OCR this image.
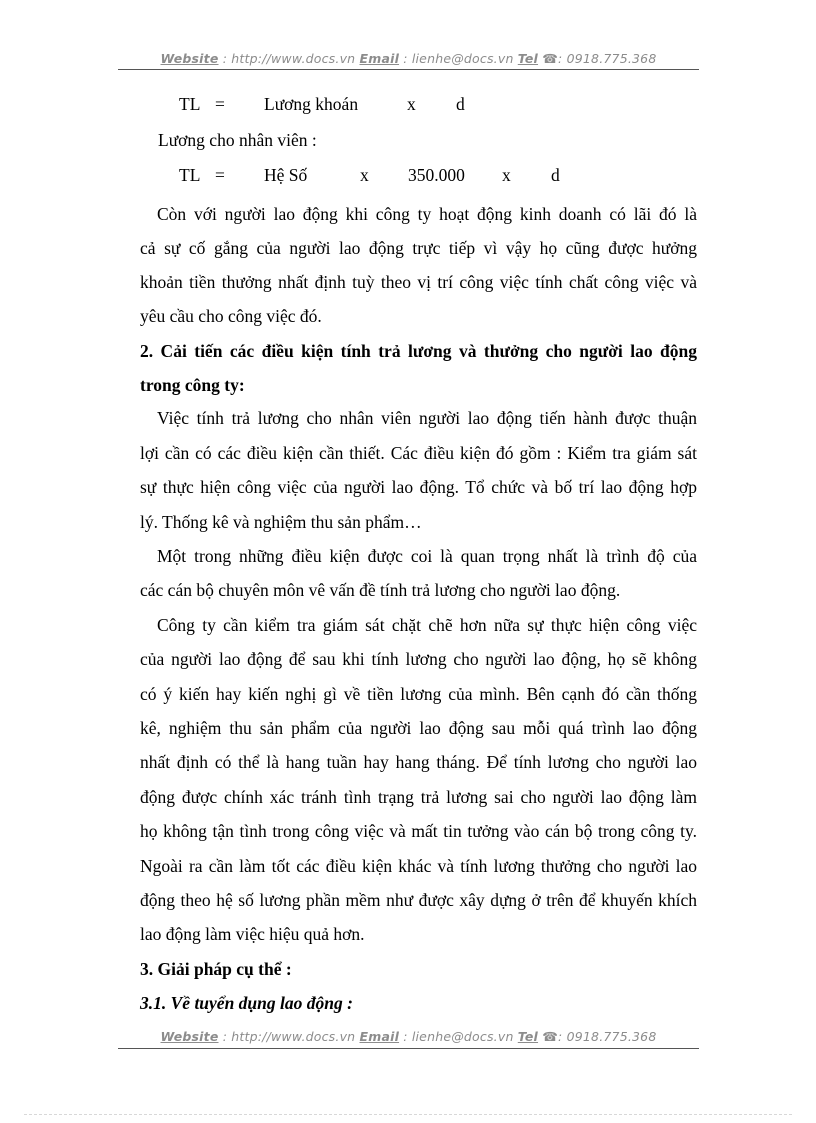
Website : http://www.docs.vn Email : lienhe@docs.vn Tel ☎: 0918.775.368
TL = Lương khoán	x d
Lương cho nhân viên :
TL = Hệ Số	x 350.000 x d
Còn với người lao động khi công ty hoạt động kinh doanh có lãi đó là
cả sự cố gắng của người lao động trực tiếp vì vậy họ cũng được hưởng
khoản tiền thưởng nhất định tuỳ theo vị trí công việc tính chất công việc và
yêu cầu cho công việc đó.
2. Cải tiến các điều kiện tính trả lương và thưởng cho người lao động
trong công ty:
Việc tính trả lương cho nhân viên người lao động tiến hành được thuận
lợi cần có các điều kiện cần thiết. Các điều kiện đó gồm : Kiểm tra giám sát
sự thực hiện công việc của người lao động. Tổ chức và bố trí lao động hợp
lý. Thống kê và nghiệm thu sản phẩm…
Một trong những điều kiện được coi là quan trọng nhất là trình độ của
các cán bộ chuyên môn vê vấn đề tính trả lương cho người lao động.
Công ty cần kiểm tra giám sát chặt chẽ hơn nữa sự thực hiện công việc
của người lao động để sau khi tính lương cho người lao động, họ sẽ không
có ý kiến hay kiến nghị gì về tiền lương của mình. Bên cạnh đó cần thống
kê, nghiệm thu sản phẩm của người lao động sau mỗi quá trình lao động
nhất định có thể là hang tuần hay hang tháng. Để tính lương cho người lao
động được chính xác tránh tình trạng trả lương sai cho người lao động làm
họ không tận tình trong công việc và mất tin tưởng vào cán bộ trong công ty.
Ngoài ra cần làm tốt các điều kiện khác và tính lương thưởng cho người lao
động theo hệ số lương phần mềm như được xây dựng ở trên để khuyến khích
lao động làm việc hiệu quả hơn.
3. Giải pháp cụ thể :
3.1. Về tuyển dụng lao động :
Website : http://www.docs.vn Email : lienhe@docs.vn Tel ☎: 0918.775.368
